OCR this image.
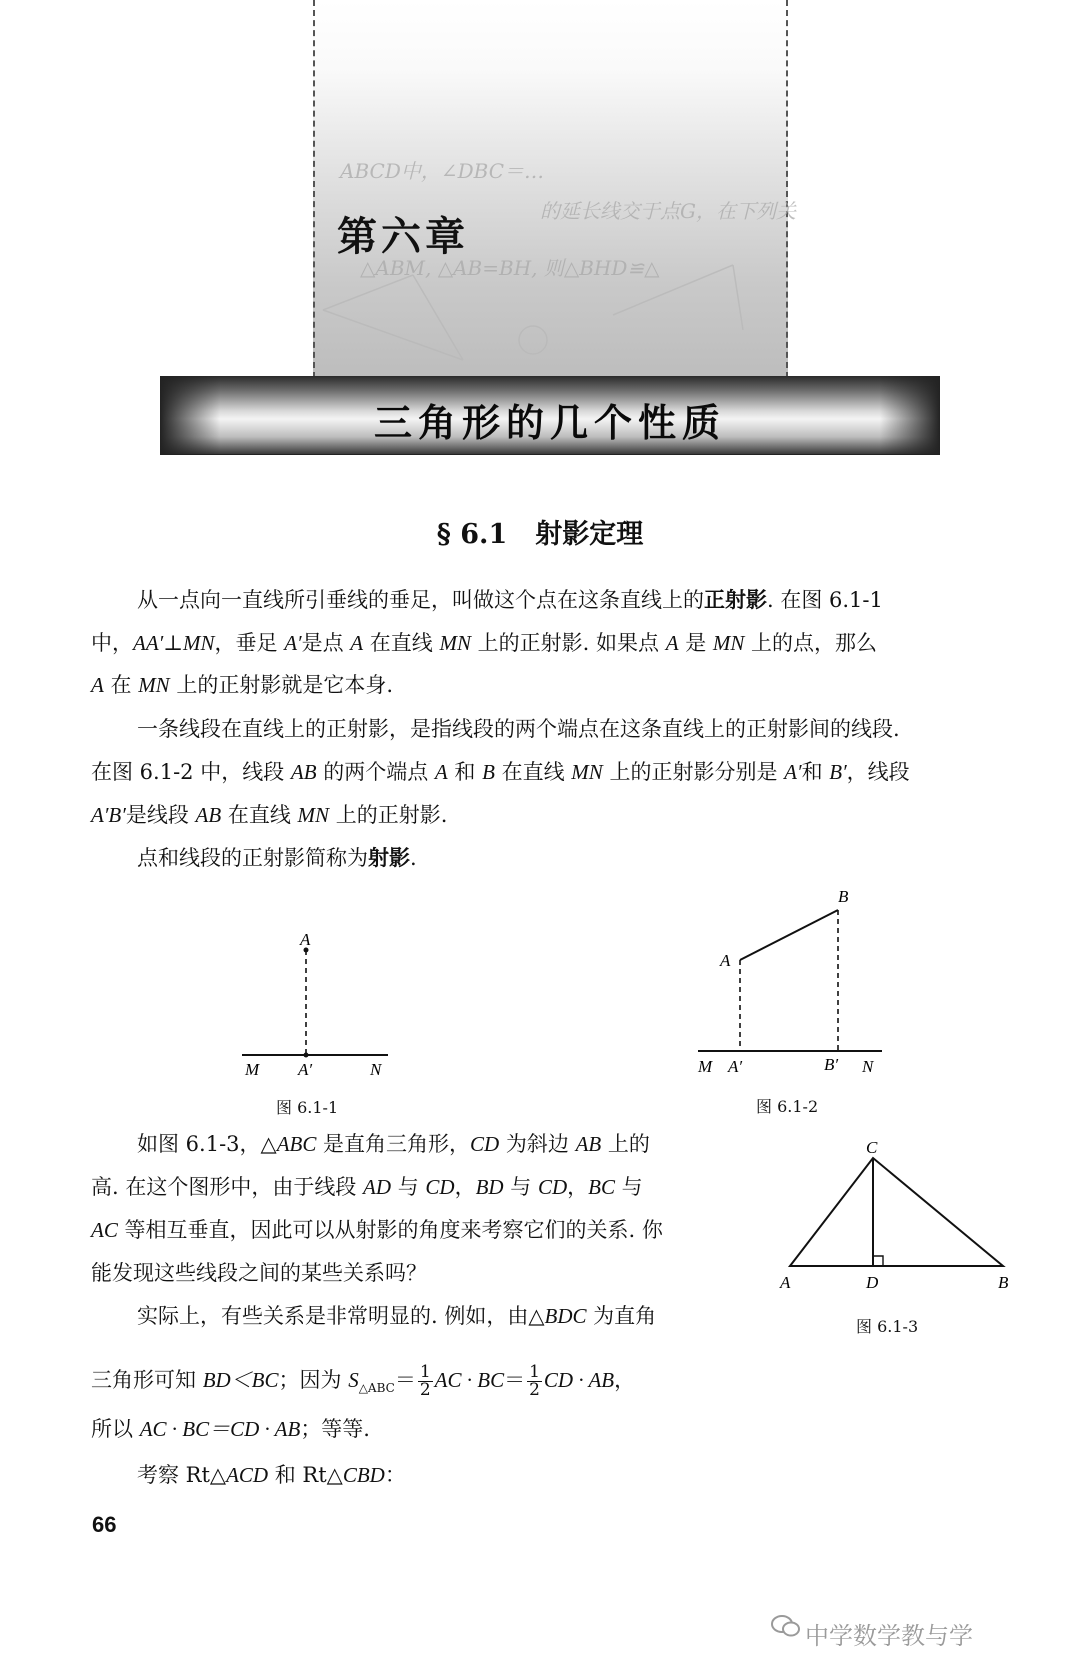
ABCD中，∠DBC＝…
的延长线交于点G，在下列关
△ABM, △AB=BH, 则△BHD≌△
第六章
三角形的几个性质
§ 6.1 射影定理
从一点向一直线所引垂线的垂足，叫做这个点在这条直线上的正射影. 在图 6.1-1
中，AA′⊥MN，垂足 A′是点 A 在直线 MN 上的正射影. 如果点 A 是 MN 上的点，那么
A 在 MN 上的正射影就是它本身.
一条线段在直线上的正射影，是指线段的两个端点在这条直线上的正射影间的线段.
在图 6.1-2 中，线段 AB 的两个端点 A 和 B 在直线 MN 上的正射影分别是 A′和 B′，线段
A′B′是线段 AB 在直线 MN 上的正射影.
点和线段的正射影简称为射影.
A
M A′	N
图 6.1-1
A
B
M A′	B′ N
图 6.1-2
如图 6.1-3，△ABC 是直角三角形，CD 为斜边 AB 上的
高. 在这个图形中，由于线段 AD 与 CD，BD 与 CD，BC 与
AC 等相互垂直，因此可以从射影的角度来考察它们的关系. 你
能发现这些线段之间的某些关系吗？
C
A	D	B
图 6.1-3
实际上，有些关系是非常明显的. 例如，由△BDC 为直角
三角形可知 BD＜BC；因为 $S_{\triangle ABC}= \frac{1}{2}$ AC · $BC= \frac{1}{2}$ CD · AB，
所以 AC · BC＝CD · AB；等等.
考察 Rt△ACD 和 Rt△CBD：
66
中学数学教与学
